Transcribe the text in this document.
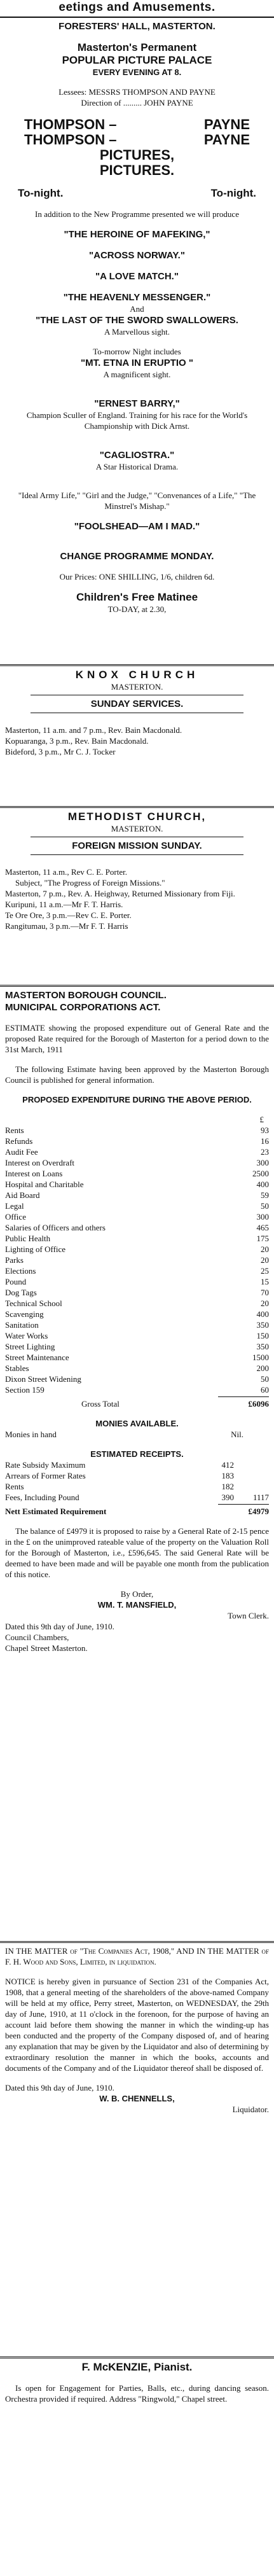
eetings and Amusements.
FORESTERS' HALL, MASTERTON.
Masterton's Permanent
POPULAR PICTURE PALACE
EVERY EVENING AT 8.
Lessees: MESSRS THOMPSON AND PAYNE
Direction of ......... JOHN PAYNE
THOMPSON –
THOMPSON –
PAYNE
PAYNE
PICTURES,
PICTURES.
To-night.	To-night.
In addition to the New Programme presented we will produce
"THE HEROINE OF MAFEKING,"
"ACROSS NORWAY."
"A LOVE MATCH."
"THE HEAVENLY MESSENGER."
And
"THE LAST OF THE SWORD SWALLOWERS.
A Marvellous sight.
To-morrow Night includes
"MT. ETNA IN ERUPTIO "
A magnificent sight.
"ERNEST BARRY,"
Champion Sculler of England. Training for his race for the World's Championship with Dick Arnst.
"CAGLIOSTRA."
A Star Historical Drama.
"Ideal Army Life," "Girl and the Judge," "Convenances of a Life," "The Minstrel's Mishap."
"FOOLSHEAD—AM I MAD."
CHANGE PROGRAMME MONDAY.
Our Prices: ONE SHILLING, 1/6, children 6d.
Children's Free Matinee
TO-DAY, at 2.30,
KNOX CHURCH
MASTERTON.
SUNDAY SERVICES.
Masterton, 11 a.m. and 7 p.m., Rev. Bain Macdonald.
Kopuaranga, 3 p.m., Rev. Bain Macdonald.
Bideford, 3 p.m., Mr C. J. Tocker
METHODIST CHURCH,
MASTERTON.
FOREIGN MISSION SUNDAY.
Masterton, 11 a.m., Rev C. E. Porter.
Subject, "The Progress of Foreign Missions."
Masterton, 7 p.m., Rev. A. Heighway, Returned Missionary from Fiji.
Kuripuni, 11 a.m.—Mr F. T. Harris.
Te Ore Ore, 3 p.m.—Rev C. E. Porter.
Rangitumau, 3 p.m.—Mr F. T. Harris
MASTERTON BOROUGH COUNCIL.
MUNICIPAL CORPORATIONS ACT.
ESTIMATE showing the proposed expenditure out of General Rate and the proposed Rate required for the Borough of Masterton for a period down to the 31st March, 1911
The following Estimate having been approved by the Masterton Borough Council is published for general information.
PROPOSED EXPENDITURE DURING THE ABOVE PERIOD.
£
Rents	93
Refunds	16
Audit Fee	23
Interest on Overdraft	300
Interest on Loans	2500
Hospital and Charitable	400
Aid Board	59
Legal	50
Office	300
Salaries of Officers and others	465
Public Health	175
Lighting of Office	20
Parks	20
Elections	25
Pound	15
Dog Tags	70
Technical School	20
Scavenging	400
Sanitation	350
Water Works	150
Street Lighting	350
Street Maintenance	1500
Stables	200
Dixon Street Widening	50
Section 159	60
Gross Total	£6096
MONIES AVAILABLE.
Monies in hand	Nil.
ESTIMATED RECEIPTS.
Rate Subsidy Maximum	412	
Arrears of Former Rates	183	
Rents	182	
Fees, Including Pound	390	1117
Nett Estimated Requirement	£4979
The balance of £4979 it is proposed to raise by a General Rate of 2-15 pence in the £ on the unimproved rateable value of the property on the Valuation Roll for the Borough of Masterton, i.e., £596,645. The said General Rate will be deemed to have been made and will be payable one month from the publication of this notice.
By Order,
WM. T. MANSFIELD,
Town Clerk.
Dated this 9th day of June, 1910.
Council Chambers,
Chapel Street Masterton.
IN THE MATTER of "The Companies Act, 1908," AND IN THE MATTER of F. H. Wood and Sons, Limited, in liquidation.
NOTICE is hereby given in pursuance of Section 231 of the Companies Act, 1908, that a general meeting of the shareholders of the above-named Company will be held at my office, Perry street, Masterton, on WEDNESDAY, the 29th day of June, 1910, at 11 o'clock in the forenoon, for the purpose of having an account laid before them showing the manner in which the winding-up has been conducted and the property of the Company disposed of, and of hearing any explanation that may be given by the Liquidator and also of determining by extraordinary resolution the manner in which the books, accounts and documents of the Company and of the Liquidator thereof shall be disposed of.
Dated this 9th day of June, 1910.
W. B. CHENNELLS,
Liquidator.
F. McKENZIE, Pianist.
Is open for Engagement for Parties, Balls, etc., during dancing season. Orchestra provided if required. Address "Ringwold," Chapel street.
